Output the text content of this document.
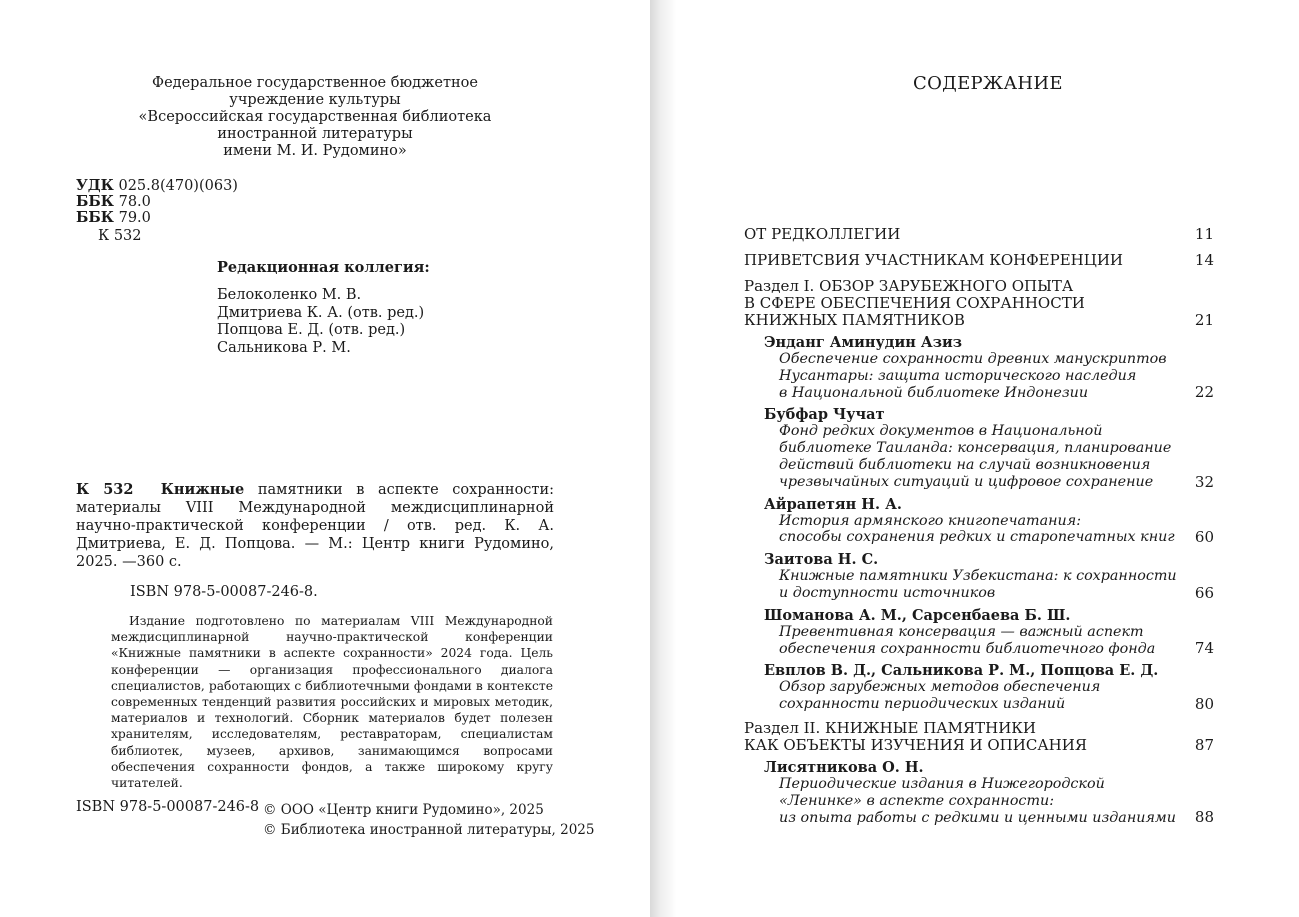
Федеральное государственное бюджетное
учреждение культуры
«Всероссийская государственная библиотека
иностранной литературы
имени М. И. Рудомино»
УДК 025.8(470)(063)
ББК 78.0
ББК 79.0
К 532
Редакционная коллегия:
Белоколенко М. В.
Дмитриева К. А. (отв. ред.)
Попцова Е. Д. (отв. ред.)
Сальникова Р. М.
К 532 Книжные памятники в аспекте сохранности: материалы VIII Международной междисциплинарной научно-практической конференции / отв. ред. К. А. Дмитриева, Е. Д. Попцова. — М.: Центр книги Рудомино, 2025. —360 с.
ISBN 978-5-00087-246-8.
Издание подготовлено по материалам VIII Международной междисциплинарной научно-практической конференции «Книжные памятники в аспекте сохранности» 2024 года. Цель конференции — организация профессионального диалога специалистов, работающих с библиотечными фондами в контексте современных тенденций развития российских и мировых методик, материалов и технологий. Сборник материалов будет полезен хранителям, исследователям, реставраторам, специалистам библиотек, музеев, архивов, занимающимся вопросами обеспечения сохранности фондов, а также широкому кругу читателей.
ISBN 978-5-00087-246-8 © ООО «Центр книги Рудомино», 2025
© Библиотека иностранной литературы, 2025
СОДЕРЖАНИЕ
ОТ РЕДКОЛЛЕГИИ	11
ПРИВЕТСВИЯ УЧАСТНИКАМ КОНФЕРЕНЦИИ	14
Раздел I. ОБЗОР ЗАРУБЕЖНОГО ОПЫТА
В СФЕРЕ ОБЕСПЕЧЕНИЯ СОХРАННОСТИ
КНИЖНЫХ ПАМЯТНИКОВ	21
Энданг Аминудин Азиз
Обеспечение сохранности древних манускриптов
Нусантары: защита исторического наследия
в Национальной библиотеке Индонезии	22
Бубфар Чучат
Фонд редких документов в Национальной
библиотеке Таиланда: консервация, планирование
действий библиотеки на случай возникновения
чрезвычайных ситуаций и цифровое сохранение	32
Айрапетян Н. А.
История армянского книгопечатания:
способы сохранения редких и старопечатных книг 60
Заитова Н. С.
Книжные памятники Узбекистана: к сохранности
и доступности источников	66
Шоманова А. М., Сарсенбаева Б. Ш.
Превентивная консервация — важный аспект
обеспечения сохранности библиотечного фонда	74
Евплов В. Д., Сальникова Р. М., Попцова Е. Д.
Обзор зарубежных методов обеспечения
сохранности периодических изданий	80
Раздел II. КНИЖНЫЕ ПАМЯТНИКИ
КАК ОБЪЕКТЫ ИЗУЧЕНИЯ И ОПИСАНИЯ	87
Лисятникова О. Н.
Периодические издания в Нижегородской
«Ленинке» в аспекте сохранности:
из опыта работы с редкими и ценными изданиями 88
